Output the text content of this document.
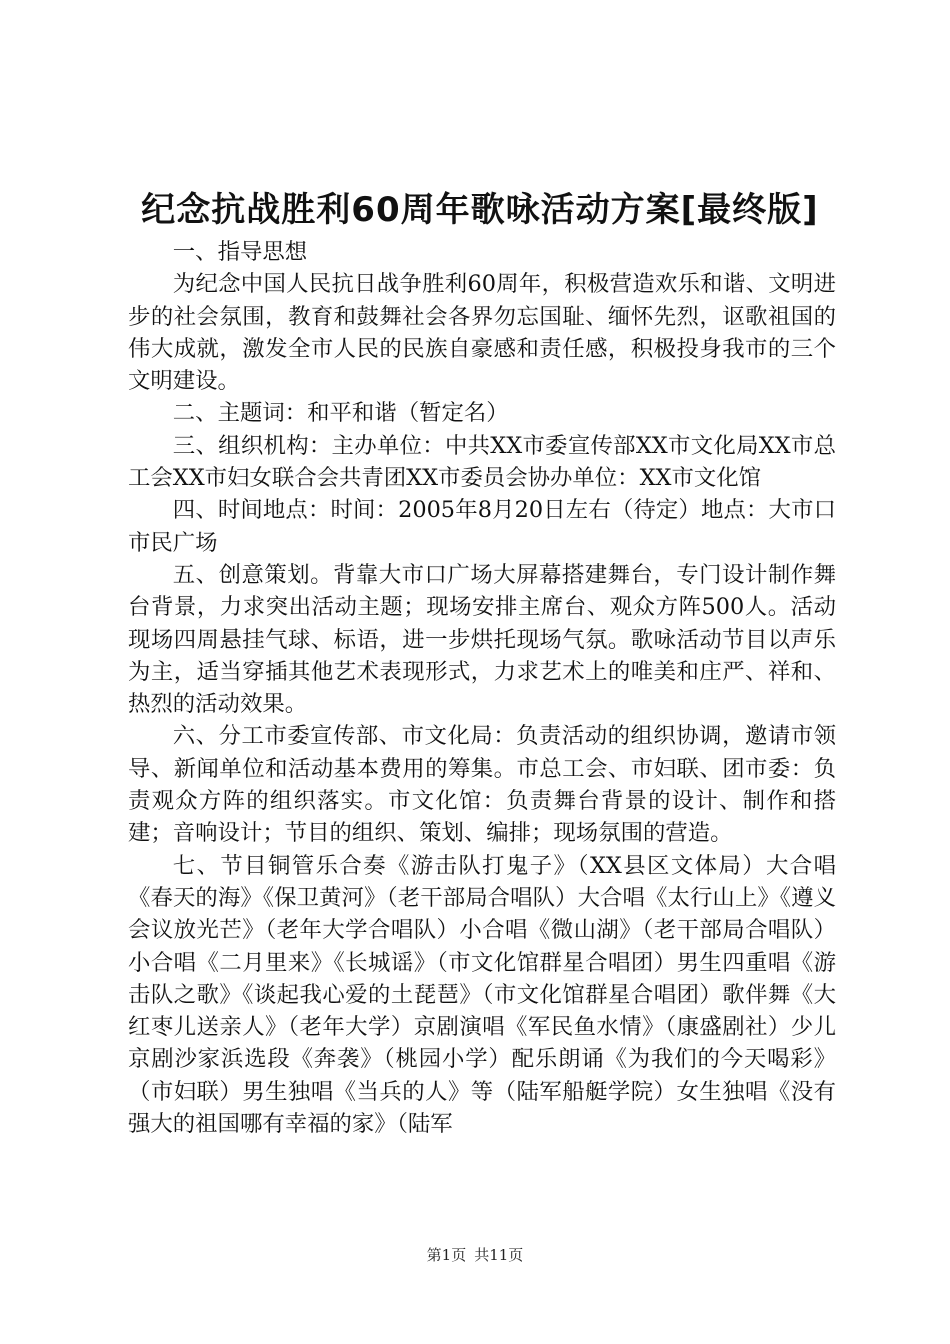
纪念抗战胜利60周年歌咏活动方案[最终版]

一、指导思想

为纪念中国人民抗日战争胜利60周年，积极营造欢乐和谐、文明进步的社会氛围，教育和鼓舞社会各界勿忘国耻、缅怀先烈，讴歌祖国的伟大成就，激发全市人民的民族自豪感和责任感，积极投身我市的三个文明建设。

二、主题词：和平和谐（暂定名）

三、组织机构：主办单位：中共XX市委宣传部XX市文化局XX市总工会XX市妇女联合会共青团XX市委员会协办单位：XX市文化馆

四、时间地点：时间：2005年8月20日左右（待定）地点：大市口市民广场

五、创意策划。背靠大市口广场大屏幕搭建舞台，专门设计制作舞台背景，力求突出活动主题；现场安排主席台、观众方阵500人。活动现场四周悬挂气球、标语，进一步烘托现场气氛。歌咏活动节目以声乐为主，适当穿插其他艺术表现形式，力求艺术上的唯美和庄严、祥和、热烈的活动效果。

六、分工市委宣传部、市文化局：负责活动的组织协调，邀请市领导、新闻单位和活动基本费用的筹集。市总工会、市妇联、团市委：负责观众方阵的组织落实。市文化馆：负责舞台背景的设计、制作和搭建；音响设计；节目的组织、策划、编排；现场氛围的营造。

七、节目铜管乐合奏《游击队打鬼子》（XX县区文体局）大合唱《春天的海》《保卫黄河》（老干部局合唱队）大合唱《太行山上》《遵义会议放光芒》（老年大学合唱队）小合唱《微山湖》（老干部局合唱队）小合唱《二月里来》《长城谣》（市文化馆群星合唱团）男生四重唱《游击队之歌》《谈起我心爱的土琵琶》（市文化馆群星合唱团）歌伴舞《大红枣儿送亲人》（老年大学）京剧演唱《军民鱼水情》（康盛剧社）少儿京剧沙家浜选段《奔袭》（桃园小学）配乐朗诵《为我们的今天喝彩》（市妇联）男生独唱《当兵的人》等（陆军船艇学院）女生独唱《没有强大的祖国哪有幸福的家》（陆军

第1页 共11页
